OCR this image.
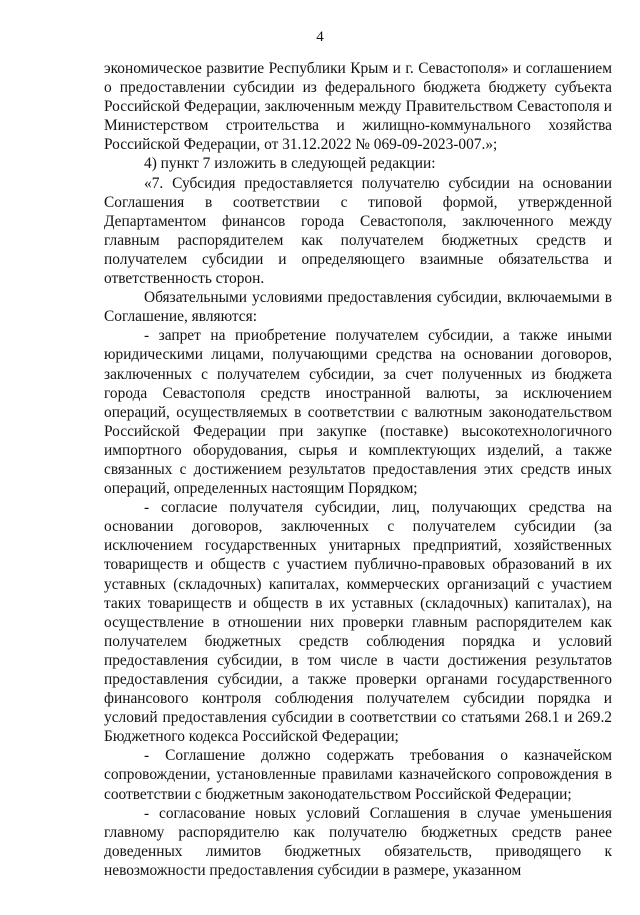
4

экономическое развитие Республики Крым и г. Севастополя» и соглашением о предоставлении субсидии из федерального бюджета бюджету субъекта Российской Федерации, заключенным между Правительством Севастополя и Министерством строительства и жилищно-коммунального хозяйства Российской Федерации, от 31.12.2022 № 069-09-2023-007.»;

4) пункт 7 изложить в следующей редакции:

«7. Субсидия предоставляется получателю субсидии на основании Соглашения в соответствии с типовой формой, утвержденной Департаментом финансов города Севастополя, заключенного между главным распорядителем как получателем бюджетных средств и получателем субсидии и определяющего взаимные обязательства и ответственность сторон.

Обязательными условиями предоставления субсидии, включаемыми в Соглашение, являются:

- запрет на приобретение получателем субсидии, а также иными юридическими лицами, получающими средства на основании договоров, заключенных с получателем субсидии, за счет полученных из бюджета города Севастополя средств иностранной валюты, за исключением операций, осуществляемых в соответствии с валютным законодательством Российской Федерации при закупке (поставке) высокотехнологичного импортного оборудования, сырья и комплектующих изделий, а также связанных с достижением результатов предоставления этих средств иных операций, определенных настоящим Порядком;

- согласие получателя субсидии, лиц, получающих средства на основании договоров, заключенных с получателем субсидии (за исключением государственных унитарных предприятий, хозяйственных товариществ и обществ с участием публично-правовых образований в их уставных (складочных) капиталах, коммерческих организаций с участием таких товариществ и обществ в их уставных (складочных) капиталах), на осуществление в отношении них проверки главным распорядителем как получателем бюджетных средств соблюдения порядка и условий предоставления субсидии, в том числе в части достижения результатов предоставления субсидии, а также проверки органами государственного финансового контроля соблюдения получателем субсидии порядка и условий предоставления субсидии в соответствии со статьями 268.1 и 269.2 Бюджетного кодекса Российской Федерации;

- Соглашение должно содержать требования о казначейском сопровождении, установленные правилами казначейского сопровождения в соответствии с бюджетным законодательством Российской Федерации;

- согласование новых условий Соглашения в случае уменьшения главному распорядителю как получателю бюджетных средств ранее доведенных лимитов бюджетных обязательств, приводящего к невозможности предоставления субсидии в размере, указанном
